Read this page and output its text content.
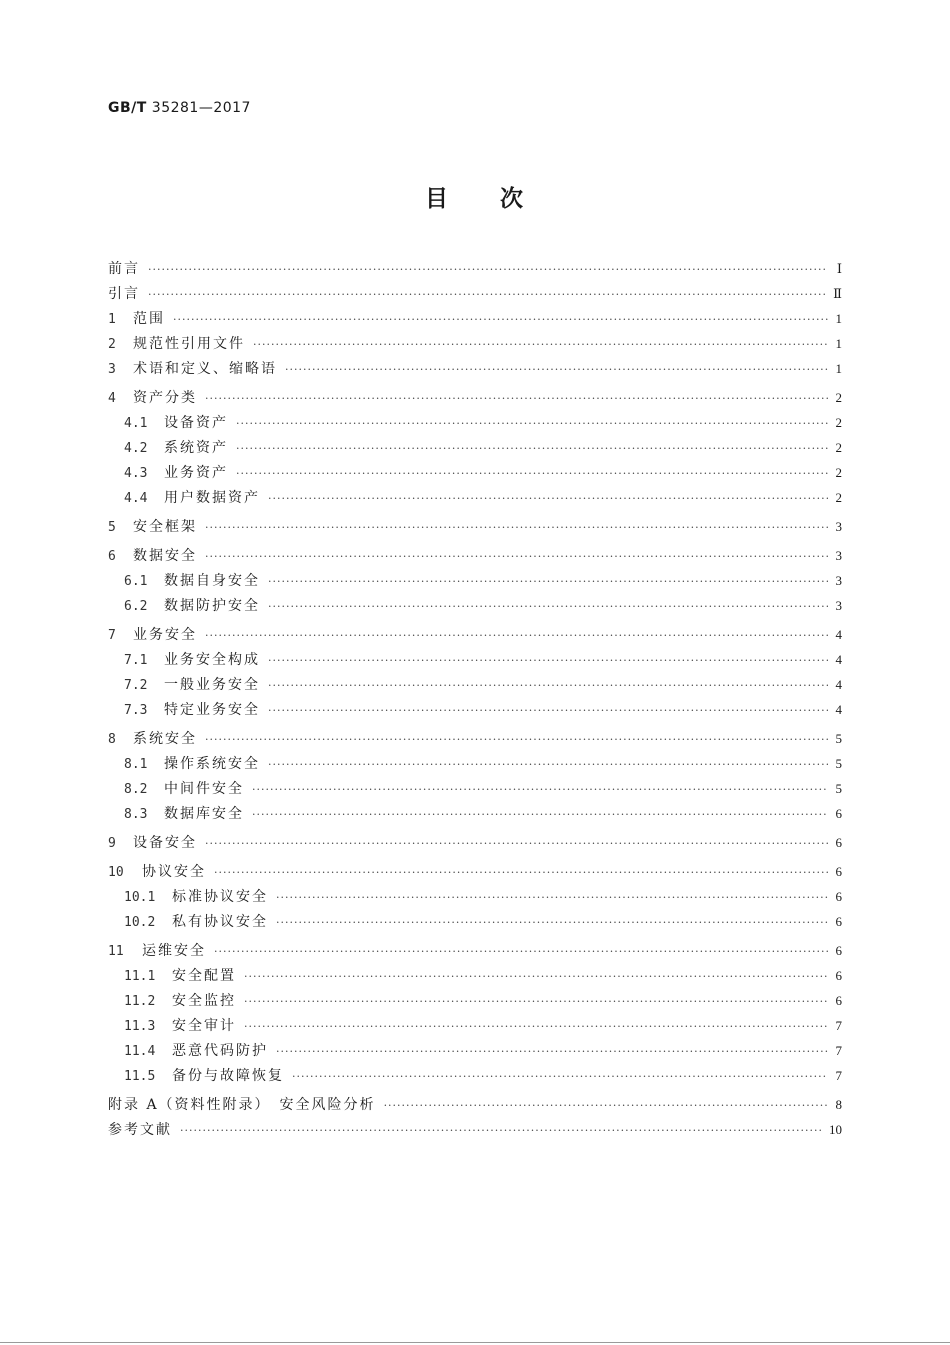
GB/T 35281—2017
目 次
前言 ·····	Ⅰ
引言 ·····	Ⅱ
1	范围 ·····	1
2	规范性引用文件 ·····	1
3	术语和定义、缩略语 ·····	1
4	资产分类 ·····	2
4.1	设备资产 ·····	2
4.2	系统资产 ·····	2
4.3	业务资产 ·····	2
4.4	用户数据资产 ·····	2
5	安全框架 ·····	3
6	数据安全 ·····	3
6.1	数据自身安全 ·····	3
6.2	数据防护安全 ·····	3
7	业务安全 ·····	4
7.1	业务安全构成 ·····	4
7.2	一般业务安全 ·····	4
7.3	特定业务安全 ·····	4
8	系统安全 ·····	5
8.1	操作系统安全 ·····	5
8.2	中间件安全 ·····	5
8.3	数据库安全 ·····	6
9	设备安全 ·····	6
10	协议安全 ·····	6
10.1	标准协议安全 ·····	6
10.2	私有协议安全 ·····	6
11	运维安全 ·····	6
11.1	安全配置 ·····	6
11.2	安全监控 ·····	6
11.3	安全审计 ·····	7
11.4	恶意代码防护 ·····	7
11.5	备份与故障恢复 ·····	7
附录 A（资料性附录）　安全风险分析 ·····	8
参考文献 ·····	10
